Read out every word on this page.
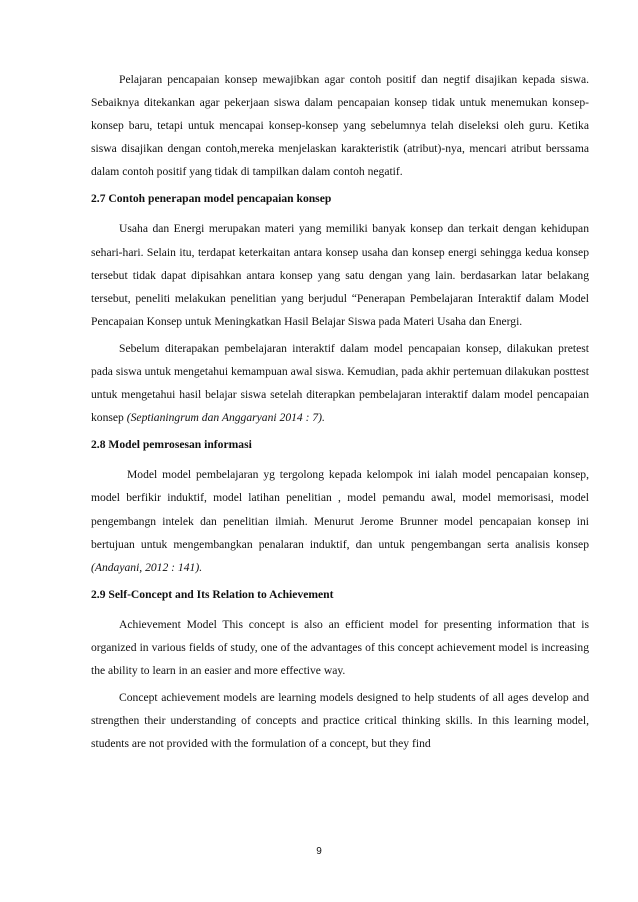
Pelajaran pencapaian konsep mewajibkan agar contoh positif dan negtif disajikan kepada siswa. Sebaiknya ditekankan agar pekerjaan siswa dalam pencapaian konsep tidak untuk menemukan konsep-konsep baru, tetapi untuk mencapai konsep-konsep yang sebelumnya telah diseleksi oleh guru. Ketika siswa disajikan dengan contoh,mereka menjelaskan karakteristik (atribut)-nya, mencari atribut berssama dalam contoh positif yang tidak di tampilkan dalam contoh negatif.

2.7 Contoh penerapan model pencapaian konsep

Usaha dan Energi merupakan materi yang memiliki banyak konsep dan terkait dengan kehidupan sehari-hari. Selain itu, terdapat keterkaitan antara konsep usaha dan konsep energi sehingga kedua konsep tersebut tidak dapat dipisahkan antara konsep yang satu dengan yang lain. berdasarkan latar belakang tersebut, peneliti melakukan penelitian yang berjudul “Penerapan Pembelajaran Interaktif dalam Model Pencapaian Konsep untuk Meningkatkan Hasil Belajar Siswa pada Materi Usaha dan Energi.

Sebelum diterapakan pembelajaran interaktif dalam model pencapaian konsep, dilakukan pretest pada siswa untuk mengetahui kemampuan awal siswa. Kemudian, pada akhir pertemuan dilakukan posttest untuk mengetahui hasil belajar siswa setelah diterapkan pembelajaran interaktif dalam model pencapaian konsep (Septianingrum dan Anggaryani 2014 : 7).

2.8 Model pemrosesan informasi

Model model pembelajaran yg tergolong kepada kelompok ini ialah model pencapaian konsep, model berfikir induktif, model latihan penelitian , model pemandu awal, model memorisasi, model pengembangn intelek dan penelitian ilmiah. Menurut Jerome Brunner model pencapaian konsep ini bertujuan untuk mengembangkan penalaran induktif, dan untuk pengembangan serta analisis konsep (Andayani, 2012 : 141).

2.9 Self-Concept and Its Relation to Achievement

Achievement Model This concept is also an efficient model for presenting information that is organized in various fields of study, one of the advantages of this concept achievement model is increasing the ability to learn in an easier and more effective way.

Concept achievement models are learning models designed to help students of all ages develop and strengthen their understanding of concepts and practice critical thinking skills. In this learning model, students are not provided with the formulation of a concept, but they find

9
